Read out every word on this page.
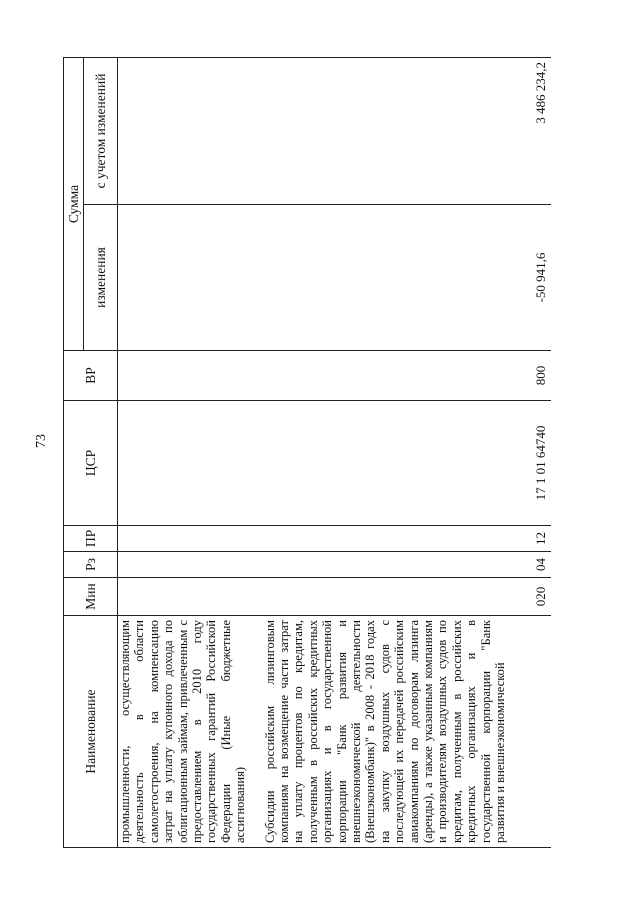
73
Наименование	Мин	Рз	ПР	ЦСР	ВР	Сумма	
						изменения	с учетом изменений

промышленности, осуществляющим деятельность в области самолетостроения, на компенсацию затрат на уплату купонного дохода по облигационным займам, привлеченным с предоставлением в 2010 году государственных гарантий Российской Федерации (Иные бюджетные ассигнования)							

Субсидии российским лизинговым компаниям на возмещение части затрат на уплату процентов по кредитам, полученным в российских кредитных организациях и в государственной корпорации "Банк развития и внешнеэкономической деятельности (Внешэкономбанк)" в 2008 - 2018 годах на закупку воздушных судов с последующей их передачей российским авиакомпаниям по договорам лизинга (аренды), а также указанным компаниям и производителям воздушных судов по кредитам, полученным в российских кредитных организациях и в государственной корпорации "Банк развития и внешнеэкономической	020	04	12	17 1 01 64740	800	-50 941,6	3 486 234,2
